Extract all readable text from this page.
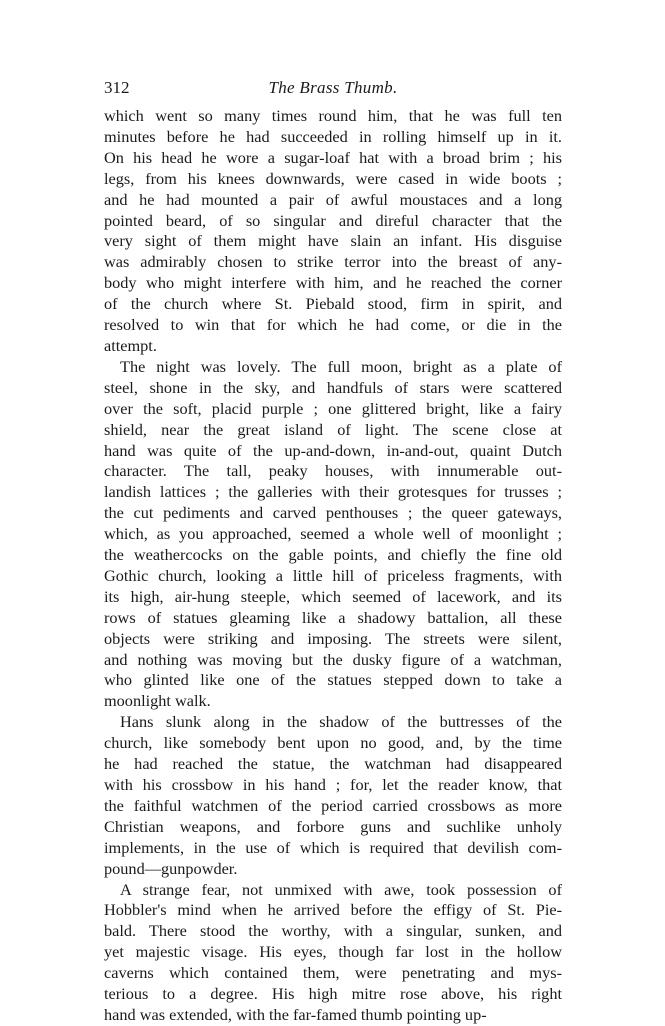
312	The Brass Thumb.
which went so many times round him, that he was full ten
minutes before he had succeeded in rolling himself up in it.
On his head he wore a sugar-loaf hat with a broad brim ; his
legs, from his knees downwards, were cased in wide boots ;
and he had mounted a pair of awful moustaces and a long
pointed beard, of so singular and direful character that the
very sight of them might have slain an infant. His disguise
was admirably chosen to strike terror into the breast of any-
body who might interfere with him, and he reached the corner
of the church where St. Piebald stood, firm in spirit, and
resolved to win that for which he had come, or die in the
attempt.
The night was lovely. The full moon, bright as a plate of
steel, shone in the sky, and handfuls of stars were scattered
over the soft, placid purple ; one glittered bright, like a fairy
shield, near the great island of light. The scene close at
hand was quite of the up-and-down, in-and-out, quaint Dutch
character. The tall, peaky houses, with innumerable out-
landish lattices ; the galleries with their grotesques for trusses ;
the cut pediments and carved penthouses ; the queer gateways,
which, as you approached, seemed a whole well of moonlight ;
the weathercocks on the gable points, and chiefly the fine old
Gothic church, looking a little hill of priceless fragments, with
its high, air-hung steeple, which seemed of lacework, and its
rows of statues gleaming like a shadowy battalion, all these
objects were striking and imposing. The streets were silent,
and nothing was moving but the dusky figure of a watchman,
who glinted like one of the statues stepped down to take a
moonlight walk.
Hans slunk along in the shadow of the buttresses of the
church, like somebody bent upon no good, and, by the time
he had reached the statue, the watchman had disappeared
with his crossbow in his hand ; for, let the reader know, that
the faithful watchmen of the period carried crossbows as more
Christian weapons, and forbore guns and suchlike unholy
implements, in the use of which is required that devilish com-
pound—gunpowder.
A strange fear, not unmixed with awe, took possession of
Hobbler's mind when he arrived before the effigy of St. Pie-
bald. There stood the worthy, with a singular, sunken, and
yet majestic visage. His eyes, though far lost in the hollow
caverns which contained them, were penetrating and mys-
terious to a degree. His high mitre rose above, his right
hand was extended, with the far-famed thumb pointing up-
